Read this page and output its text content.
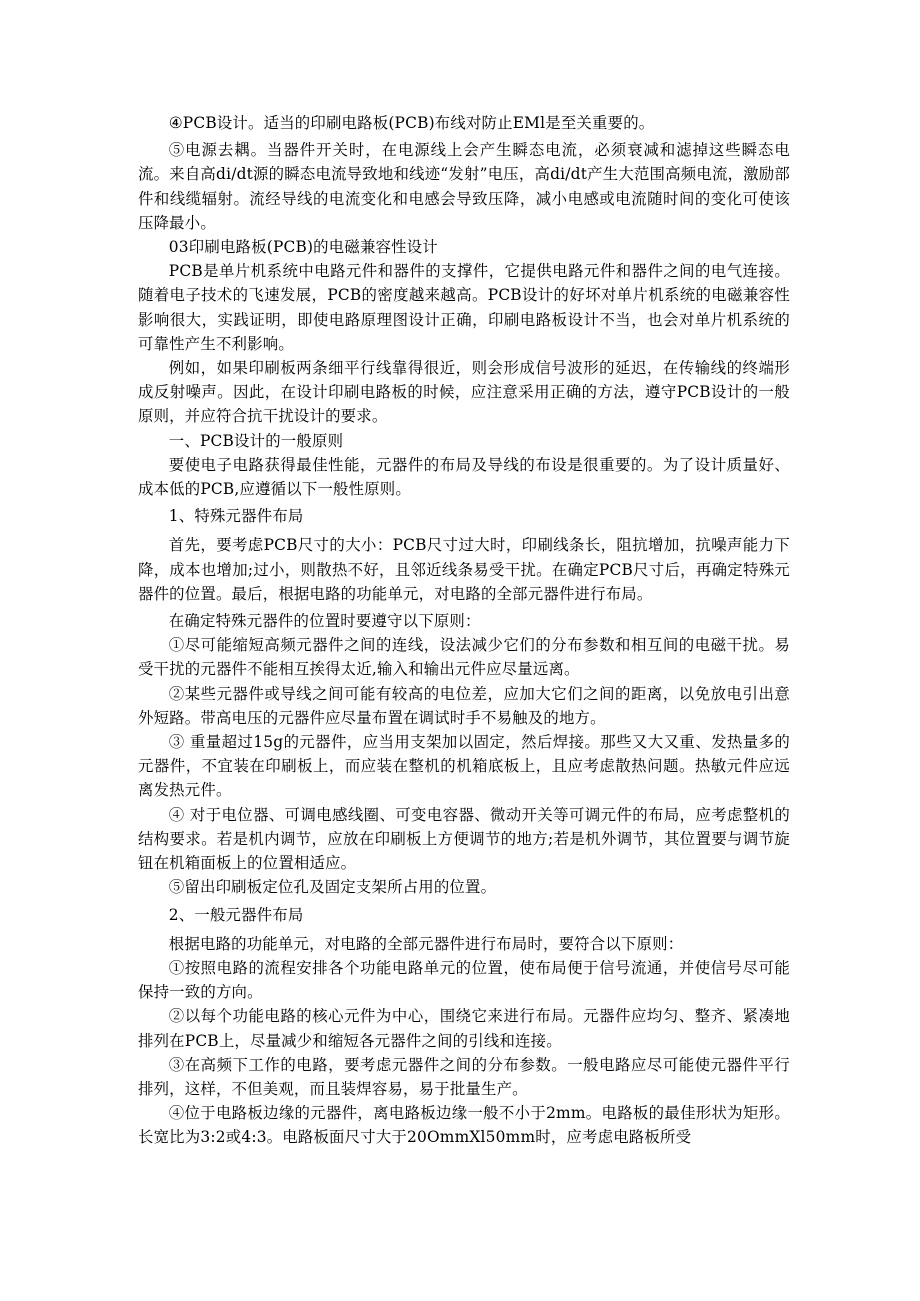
④PCB设计。适当的印刷电路板(PCB)布线对防止EMl是至关重要的。

⑤电源去耦。当器件开关时，在电源线上会产生瞬态电流，必须衰减和滤掉这些瞬态电流。来自高di/dt源的瞬态电流导致地和线迹“发射”电压，高di/dt产生大范围高频电流，激励部件和线缆辐射。流经导线的电流变化和电感会导致压降，减小电感或电流随时间的变化可使该压降最小。

03印刷电路板(PCB)的电磁兼容性设计

PCB是单片机系统中电路元件和器件的支撑件，它提供电路元件和器件之间的电气连接。随着电子技术的飞速发展，PCB的密度越来越高。PCB设计的好坏对单片机系统的电磁兼容性影响很大，实践证明，即使电路原理图设计正确，印刷电路板设计不当，也会对单片机系统的可靠性产生不利影响。

例如，如果印刷板两条细平行线靠得很近，则会形成信号波形的延迟，在传输线的终端形成反射噪声。因此，在设计印刷电路板的时候，应注意采用正确的方法，遵守PCB设计的一般原则，并应符合抗干扰设计的要求。

一、PCB设计的一般原则

要使电子电路获得最佳性能，元器件的布局及导线的布设是很重要的。为了设计质量好、成本低的PCB,应遵循以下一般性原则。

1、特殊元器件布局

首先，要考虑PCB尺寸的大小：PCB尺寸过大时，印刷线条长，阻抗增加，抗噪声能力下降，成本也增加;过小，则散热不好，且邻近线条易受干扰。在确定PCB尺寸后，再确定特殊元器件的位置。最后，根据电路的功能单元，对电路的全部元器件进行布局。

在确定特殊元器件的位置时要遵守以下原则：

①尽可能缩短高频元器件之间的连线，设法减少它们的分布参数和相互间的电磁干扰。易受干扰的元器件不能相互挨得太近,输入和输出元件应尽量远离。

②某些元器件或导线之间可能有较高的电位差，应加大它们之间的距离，以免放电引出意外短路。带高电压的元器件应尽量布置在调试时手不易触及的地方。

③ 重量超过15g的元器件，应当用支架加以固定，然后焊接。那些又大又重、发热量多的元器件，不宜装在印刷板上，而应装在整机的机箱底板上，且应考虑散热问题。热敏元件应远离发热元件。

④ 对于电位器、可调电感线圈、可变电容器、微动开关等可调元件的布局，应考虑整机的结构要求。若是机内调节，应放在印刷板上方便调节的地方;若是机外调节，其位置要与调节旋钮在机箱面板上的位置相适应。

⑤留出印刷板定位孔及固定支架所占用的位置。

2、一般元器件布局

根据电路的功能单元，对电路的全部元器件进行布局时，要符合以下原则：

①按照电路的流程安排各个功能电路单元的位置，使布局便于信号流通，并使信号尽可能保持一致的方向。

②以每个功能电路的核心元件为中心，围绕它来进行布局。元器件应均匀、整齐、紧凑地排列在PCB上，尽量减少和缩短各元器件之间的引线和连接。

③在高频下工作的电路，要考虑元器件之间的分布参数。一般电路应尽可能使元器件平行排列，这样，不但美观，而且装焊容易，易于批量生产。

④位于电路板边缘的元器件，离电路板边缘一般不小于2mm。电路板的最佳形状为矩形。长宽比为3:2或4:3。电路板面尺寸大于20OmmXl50mm时，应考虑电路板所受
